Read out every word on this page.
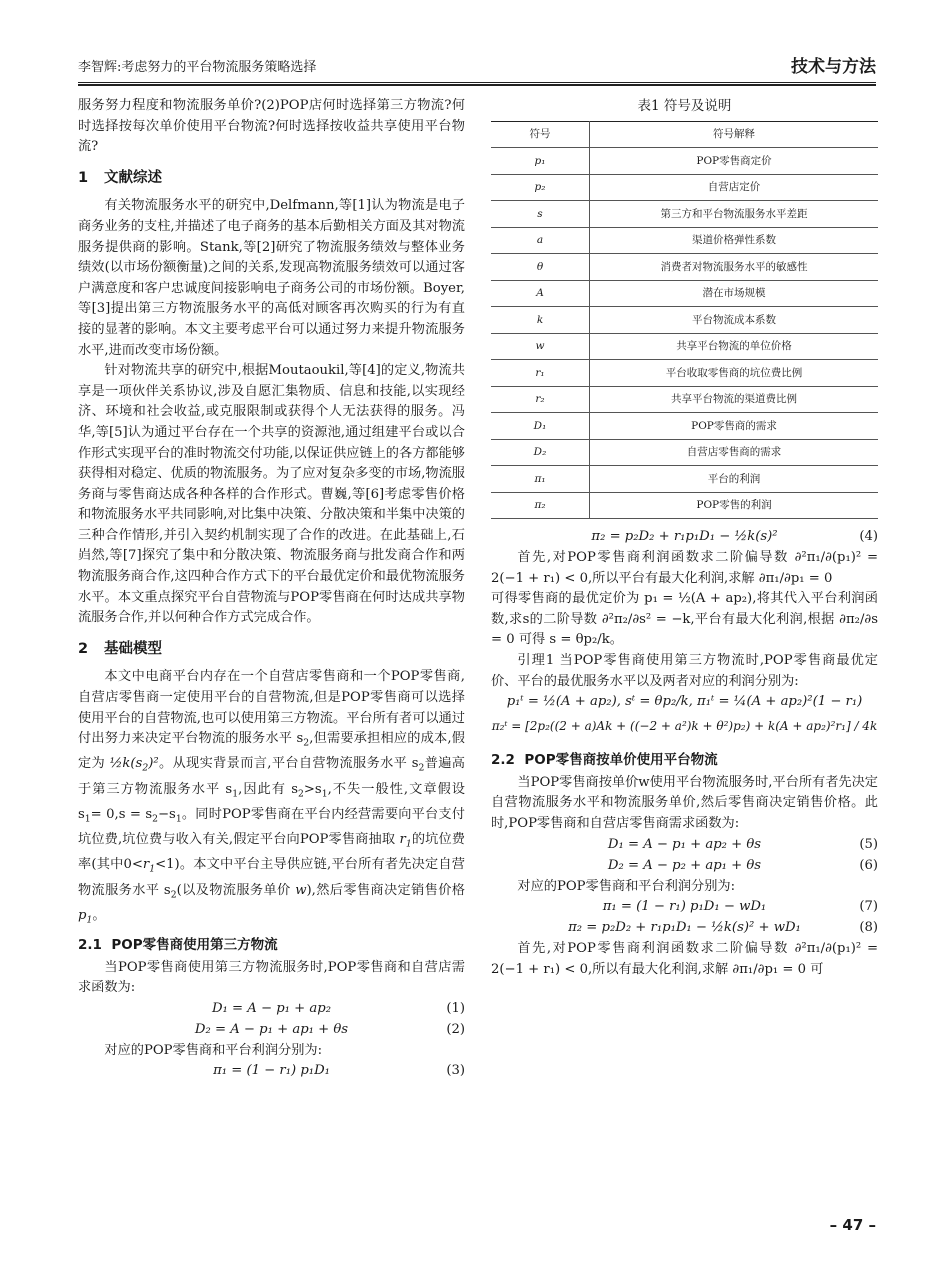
李智辉:考虑努力的平台物流服务策略选择	技术与方法

服务努力程度和物流服务单价?(2)POP店何时选择第三方物流?何时选择按每次单价使用平台物流?何时选择按收益共享使用平台物流?

1 文献综述

有关物流服务水平的研究中,Delfmann,等[1]认为物流是电子商务业务的支柱,并描述了电子商务的基本后勤相关方面及其对物流服务提供商的影响。Stank,等[2]研究了物流服务绩效与整体业务绩效(以市场份额衡量)之间的关系,发现高物流服务绩效可以通过客户满意度和客户忠诚度间接影响电子商务公司的市场份额。Boyer,等[3]提出第三方物流服务水平的高低对顾客再次购买的行为有直接的显著的影响。本文主要考虑平台可以通过努力来提升物流服务水平,进而改变市场份额。

针对物流共享的研究中,根据Moutaoukil,等[4]的定义,物流共享是一项伙伴关系协议,涉及自愿汇集物质、信息和技能,以实现经济、环境和社会收益,或克服限制或获得个人无法获得的服务。冯华,等[5]认为通过平台存在一个共享的资源池,通过组建平台或以合作形式实现平台的准时物流交付功能,以保证供应链上的各方都能够获得相对稳定、优质的物流服务。为了应对复杂多变的市场,物流服务商与零售商达成各种各样的合作形式。曹巍,等[6]考虑零售价格和物流服务水平共同影响,对比集中决策、分散决策和半集中决策的三种合作情形,并引入契约机制实现了合作的改进。在此基础上,石岿然,等[7]探究了集中和分散决策、物流服务商与批发商合作和两物流服务商合作,这四种合作方式下的平台最优定价和最优物流服务水平。本文重点探究平台自营物流与POP零售商在何时达成共享物流服务合作,并以何种合作方式完成合作。

2 基础模型

本文中电商平台内存在一个自营店零售商和一个POP零售商,自营店零售商一定使用平台的自营物流,但是POP零售商可以选择使用平台的自营物流,也可以使用第三方物流。平台所有者可以通过付出努力来决定平台物流的服务水平 $s_2$,但需要承担相应的成本,假定为 $\frac{1}{2}k(s_2)^2$。从现实背景而言,平台自营物流服务水平 $s_2$普遍高于第三方物流服务水平 $s_1$,因此有 $s_2>s_1$,不失一般性,文章假设 $s_1= 0,s = s_2-s_1$。同时POP零售商在平台内经营需要向平台支付坑位费,坑位费与收入有关,假定平台向POP零售商抽取 $r_1$的坑位费率(其中$0<r_1<1$)。本文中平台主导供应链,平台所有者先决定自营物流服务水平 $s_2$(以及物流服务单价 w),然后零售商决定销售价格 $p_1$。

2.1 POP零售商使用第三方物流

当POP零售商使用第三方物流服务时,POP零售商和自营店需求函数为:

D₁ = A − p₁ + ap₂	(1)
D₂ = A − p₁ + ap₁ + θs	(2)

对应的POP零售商和平台利润分别为:

π₁ = (1 − r₁) p₁D₁	(3)

表1 符号及说明

符号	符号解释
p₁	POP零售商定价
p₂	自营店定价
s	第三方和平台物流服务水平差距
a	渠道价格弹性系数
θ	消费者对物流服务水平的敏感性
A	潜在市场规模
k	平台物流成本系数
w	共享平台物流的单位价格
r₁	平台收取零售商的坑位费比例
r₂	共享平台物流的渠道费比例
D₁	POP零售商的需求
D₂	自营店零售商的需求
π₁	平台的利润
π₂	POP零售的利润
π₂ = p₂D₂ + r₁p₁D₁ − ½k(s)²	(4)

首先,对POP零售商利润函数求二阶偏导数 ∂²π₁/∂(p₁)² = 2(−1 + r₁) < 0,所以平台有最大化利润,求解 ∂π₁/∂p₁ = 0

可得零售商的最优定价为 p₁ = ½(A + ap₂),将其代入平台利润函数,求s的二阶导数 ∂²π₂/∂s² = −k,平台有最大化利润,根据 ∂π₂/∂s = 0 可得 s = θp₂/k。

引理1 当POP零售商使用第三方物流时,POP零售商最优定价、平台的最优服务水平以及两者对应的利润分别为:

p₁ᵗ = ½(A + ap₂), sᵗ = θp₂/k, π₁ᵗ = ¼(A + ap₂)²(1 − r₁)
π₂ᵗ = [2p₂((2 + a)Ak + ((−2 + a²)k + θ²)p₂) + k(A + ap₂)²r₁] / 4k
2.2 POP零售商按单价使用平台物流

当POP零售商按单价w使用平台物流服务时,平台所有者先决定自营物流服务水平和物流服务单价,然后零售商决定销售价格。此时,POP零售商和自营店零售商需求函数为:

D₁ = A − p₁ + ap₂ + θs	(5)
D₂ = A − p₂ + ap₁ + θs	(6)

对应的POP零售商和平台利润分别为:

π₁ = (1 − r₁) p₁D₁ − wD₁	(7)
π₂ = p₂D₂ + r₁p₁D₁ − ½k(s)² + wD₁	(8)

首先,对POP零售商利润函数求二阶偏导数 ∂²π₁/∂(p₁)² = 2(−1 + r₁) < 0,所以有最大化利润,求解 ∂π₁/∂p₁ = 0 可

– 47 –
